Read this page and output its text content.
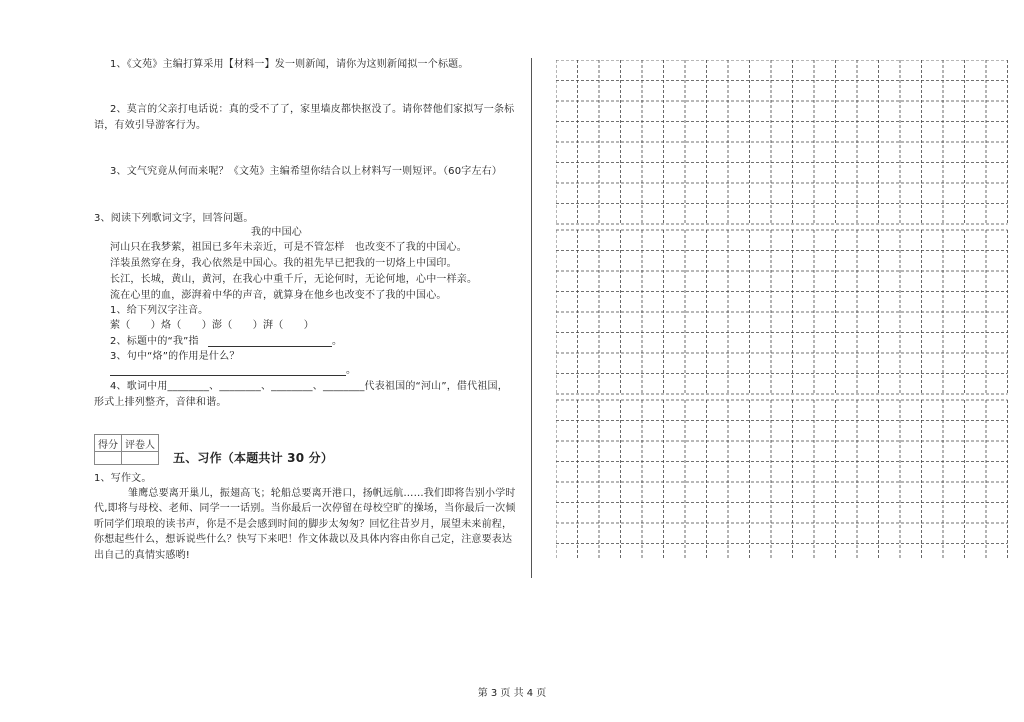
1、《文苑》主编打算采用【材料一】发一则新闻，请你为这则新闻拟一个标题。
2、莫言的父亲打电话说：真的受不了了，家里墙皮都快抠没了。请你替他们家拟写一条标
语，有效引导游客行为。
3、文气究竟从何而来呢？《文苑》主编希望你结合以上材料写一则短评。（60字左右）
3、阅读下列歌词文字，回答问题。
我的中国心
河山只在我梦萦，祖国已多年未亲近，可是不管怎样　也改变不了我的中国心。
洋装虽然穿在身，我心依然是中国心。我的祖先早已把我的一切烙上中国印。
长江，长城，黄山，黄河，在我心中重千斤，无论何时，无论何地，心中一样亲。
流在心里的血，澎湃着中华的声音，就算身在他乡也改变不了我的中国心。
1、给下列汉字注音。
萦（　　）烙（　　）澎（　　）湃（　　）
2、标题中的“我”指	。
3、句中“烙”的作用是什么？
。
4、歌词中用________、________、________、________代表祖国的“河山”，借代祖国，
形式上排列整齐，音律和谐。
得分	评卷人

五、习作（本题共计 30 分）
1、写作文。
雏鹰总要离开巢儿，振翅高飞；轮船总要离开港口，扬帆远航……我们即将告别小学时
代,即将与母校、老师、同学一一话别。当你最后一次停留在母校空旷的操场，当你最后一次倾
听同学们琅琅的读书声，你是不是会感到时间的脚步太匆匆？回忆往昔岁月，展望未来前程，
你想起些什么，想诉说些什么？快写下来吧！作文体裁以及具体内容由你自己定，注意要表达
出自己的真情实感哟!
第 3 页 共 4 页
